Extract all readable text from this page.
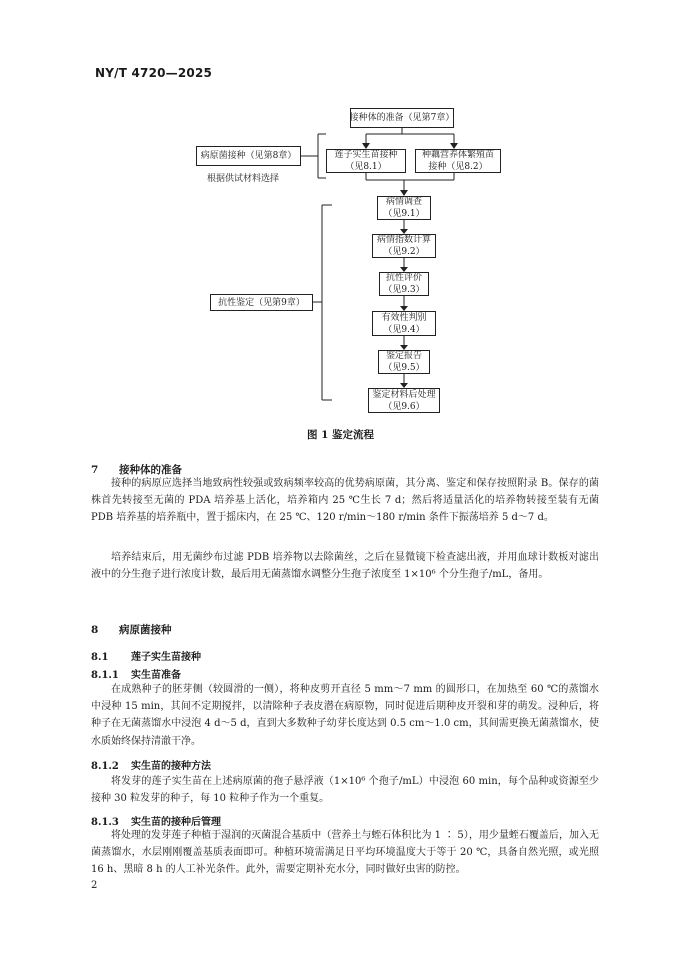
NY/T 4720—2025
接种体的准备（见第7章）
病原菌接种（见第8章）
根据供试材料选择
莲子实生苗接种
（见8.1）
种藕营养体繁殖苗
接种（见8.2）
抗性鉴定（见第9章）
病情调查
（见9.1）
病情指数计算
（见9.2）
抗性评价
（见9.3）
有效性判别
（见9.4）
鉴定报告
（见9.5）
鉴定材料后处理
（见9.6）
图 1 鉴定流程
7 接种体的准备

接种的病原应选择当地致病性较强或致病频率较高的优势病原菌，其分离、鉴定和保存按照附录 B。保存的菌株首先转接至无菌的 PDA 培养基上活化，培养箱内 25 ℃生长 7 d；然后将适量活化的培养物转接至装有无菌 PDB 培养基的培养瓶中，置于摇床内，在 25 ℃、120 r/min～180 r/min 条件下振荡培养 5 d～7 d。

培养结束后，用无菌纱布过滤 PDB 培养物以去除菌丝，之后在显微镜下检查滤出液，并用血球计数板对滤出液中的分生孢子进行浓度计数，最后用无菌蒸馏水调整分生孢子浓度至 1×10⁶ 个分生孢子/mL，备用。

8 病原菌接种
8.1 莲子实生苗接种
8.1.1 实生苗准备

在成熟种子的胚芽侧（较圆滑的一侧），将种皮剪开直径 5 mm～7 mm 的圆形口，在加热至 60 ℃的蒸馏水中浸种 15 min，其间不定期搅拌，以清除种子表皮潜在病原物，同时促进后期种皮开裂和芽的萌发。浸种后，将种子在无菌蒸馏水中浸泡 4 d～5 d，直到大多数种子幼芽长度达到 0.5 cm～1.0 cm，其间需更换无菌蒸馏水，使水质始终保持清澈干净。

8.1.2 实生苗的接种方法

将发芽的莲子实生苗在上述病原菌的孢子悬浮液（1×10⁶ 个孢子/mL）中浸泡 60 min，每个品种或资源至少接种 30 粒发芽的种子，每 10 粒种子作为一个重复。

8.1.3 实生苗的接种后管理

将处理的发芽莲子种植于湿润的灭菌混合基质中（营养土与蛭石体积比为 1 ∶ 5），用少量蛭石覆盖后，加入无菌蒸馏水，水层刚刚覆盖基质表面即可。种植环境需满足日平均环境温度大于等于 20 ℃，具备自然光照，或光照 16 h、黑暗 8 h 的人工补光条件。此外，需要定期补充水分，同时做好虫害的防控。

2
